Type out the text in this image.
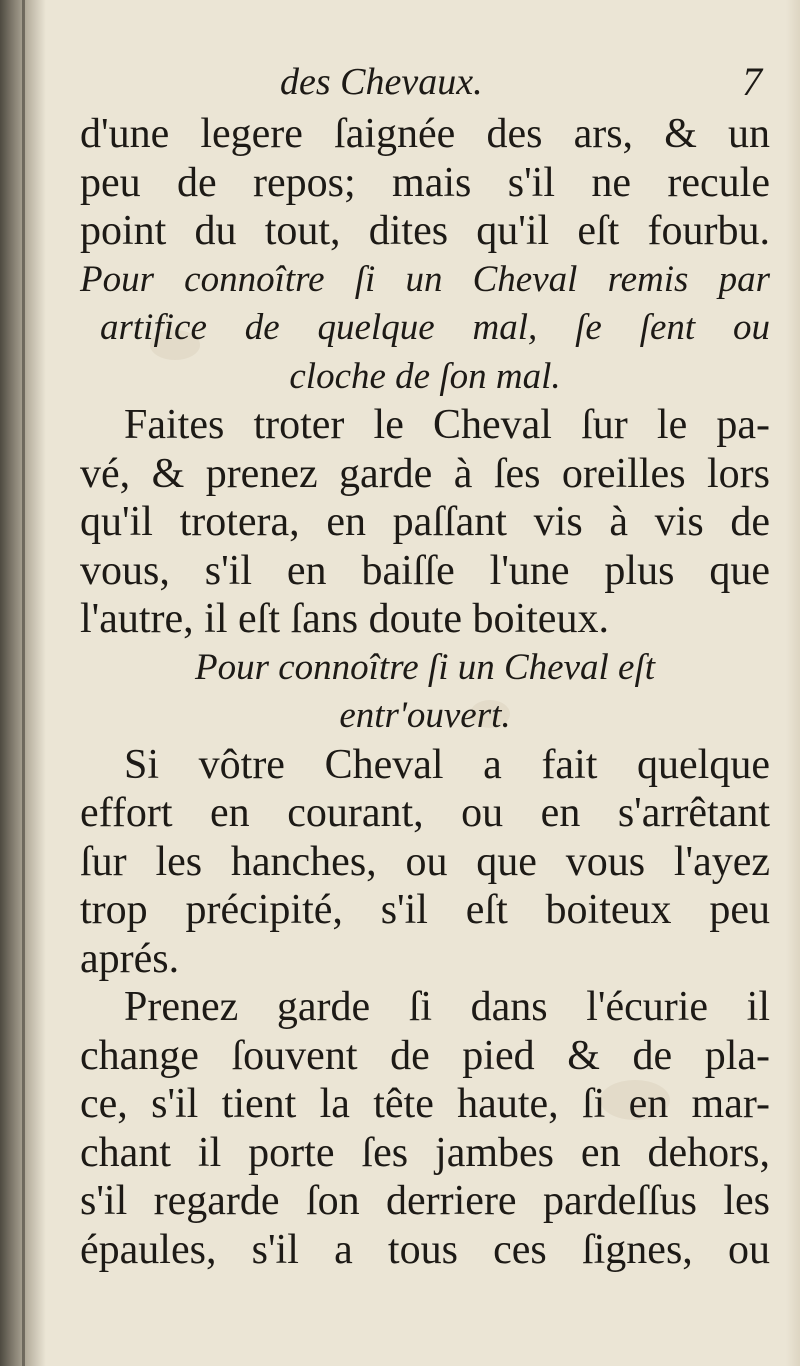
des Chevaux.	7
d'une legere ſaignée des ars, & un
peu de repos; mais s'il ne recule
point du tout, dites qu'il eſt fourbu.
Pour connoître ſi un Cheval remis par
artifice de quelque mal, ſe ſent ou
cloche de ſon mal.
Faites troter le Cheval ſur le pa-
vé, & prenez garde à ſes oreilles lors
qu'il trotera, en paſſant vis à vis de
vous, s'il en baiſſe l'une plus que
l'autre, il eſt ſans doute boiteux.
Pour connoître ſi un Cheval eſt
entr'ouvert.
Si vôtre Cheval a fait quelque
effort en courant, ou en s'arrêtant
ſur les hanches, ou que vous l'ayez
trop précipité, s'il eſt boiteux peu
aprés.
Prenez garde ſi dans l'écurie il
change ſouvent de pied & de pla-
ce, s'il tient la tête haute, ſi en mar-
chant il porte ſes jambes en dehors,
s'il regarde ſon derriere pardeſſus les
épaules, s'il a tous ces ſignes, ou
